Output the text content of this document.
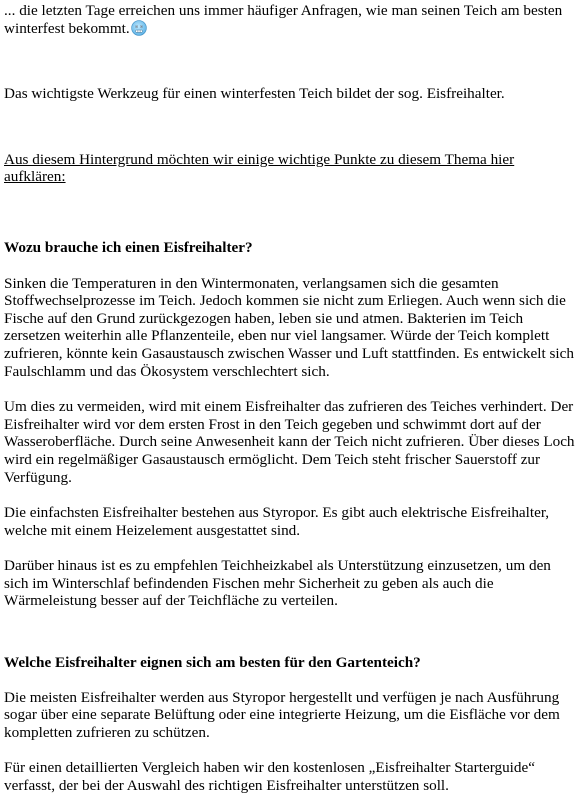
... die letzten Tage erreichen uns immer häufiger Anfragen, wie man seinen Teich am besten winterfest bekommt.

Das wichtigste Werkzeug für einen winterfesten Teich bildet der sog. Eisfreihalter.

Aus diesem Hintergrund möchten wir einige wichtige Punkte zu diesem Thema hier aufklären:

Wozu brauche ich einen Eisfreihalter?

Sinken die Temperaturen in den Wintermonaten, verlangsamen sich die gesamten Stoffwechselprozesse im Teich. Jedoch kommen sie nicht zum Erliegen. Auch wenn sich die Fische auf den Grund zurückgezogen haben, leben sie und atmen. Bakterien im Teich zersetzen weiterhin alle Pflanzenteile, eben nur viel langsamer. Würde der Teich komplett zufrieren, könnte kein Gasaustausch zwischen Wasser und Luft stattfinden. Es entwickelt sich Faulschlamm und das Ökosystem verschlechtert sich.

Um dies zu vermeiden, wird mit einem Eisfreihalter das zufrieren des Teiches verhindert. Der Eisfreihalter wird vor dem ersten Frost in den Teich gegeben und schwimmt dort auf der Wasseroberfläche. Durch seine Anwesenheit kann der Teich nicht zufrieren. Über dieses Loch wird ein regelmäßiger Gasaustausch ermöglicht. Dem Teich steht frischer Sauerstoff zur Verfügung.

Die einfachsten Eisfreihalter bestehen aus Styropor. Es gibt auch elektrische Eisfreihalter, welche mit einem Heizelement ausgestattet sind.

Darüber hinaus ist es zu empfehlen Teichheizkabel als Unterstützung einzusetzen, um den sich im Winterschlaf befindenden Fischen mehr Sicherheit zu geben als auch die Wärmeleistung besser auf der Teichfläche zu verteilen.

Welche Eisfreihalter eignen sich am besten für den Gartenteich?

Die meisten Eisfreihalter werden aus Styropor hergestellt und verfügen je nach Ausführung sogar über eine separate Belüftung oder eine integrierte Heizung, um die Eisfläche vor dem kompletten zufrieren zu schützen.

Für einen detaillierten Vergleich haben wir den kostenlosen „Eisfreihalter Starterguide“ verfasst, der bei der Auswahl des richtigen Eisfreihalter unterstützen soll.
